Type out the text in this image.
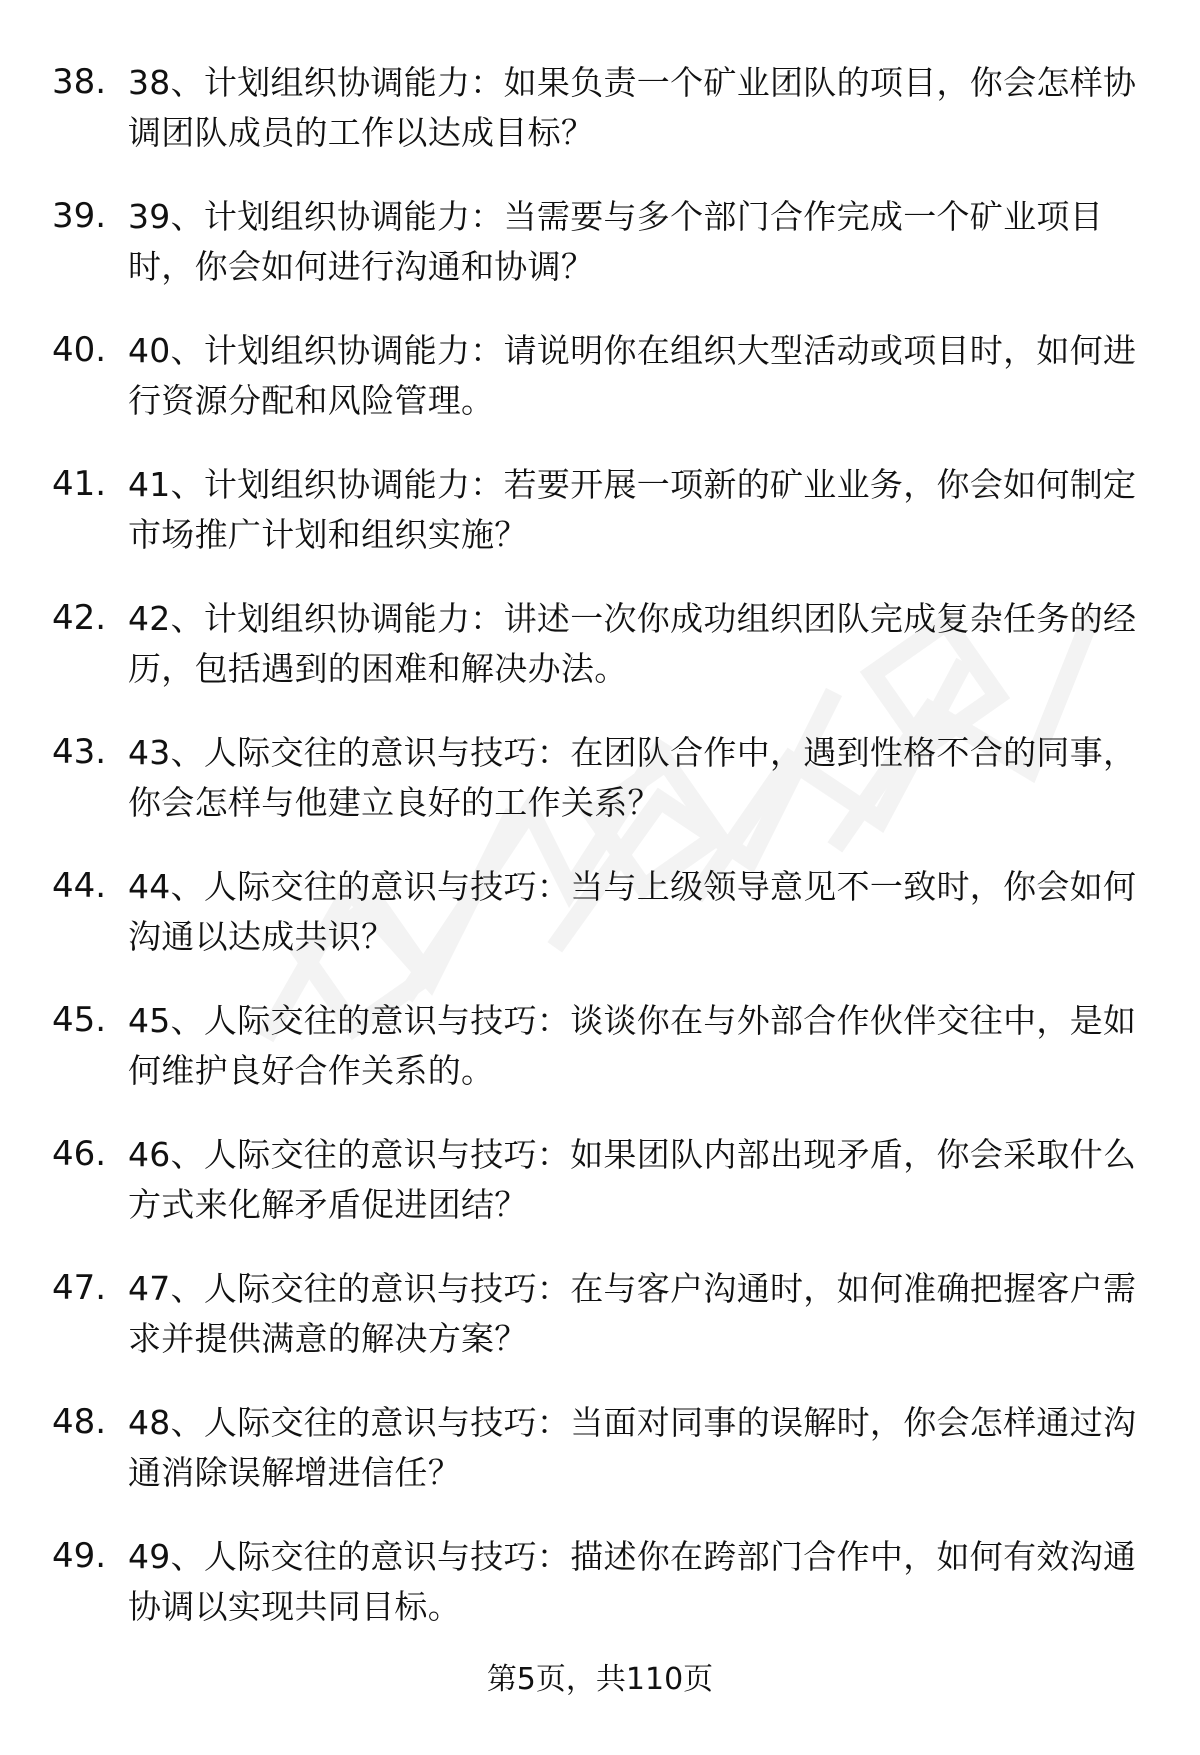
38. 38、计划组织协调能力：如果负责一个矿业团队的项目，你会怎样协调团队成员的工作以达成目标？
39. 39、计划组织协调能力：当需要与多个部门合作完成一个矿业项目时，你会如何进行沟通和协调？
40. 40、计划组织协调能力：请说明你在组织大型活动或项目时，如何进行资源分配和风险管理。
41. 41、计划组织协调能力：若要开展一项新的矿业业务，你会如何制定市场推广计划和组织实施？
42. 42、计划组织协调能力：讲述一次你成功组织团队完成复杂任务的经历，包括遇到的困难和解决办法。
43. 43、人际交往的意识与技巧：在团队合作中，遇到性格不合的同事，你会怎样与他建立良好的工作关系？
44. 44、人际交往的意识与技巧：当与上级领导意见不一致时，你会如何沟通以达成共识？
45. 45、人际交往的意识与技巧：谈谈你在与外部合作伙伴交往中，是如何维护良好合作关系的。
46. 46、人际交往的意识与技巧：如果团队内部出现矛盾，你会采取什么方式来化解矛盾促进团结？
47. 47、人际交往的意识与技巧：在与客户沟通时，如何准确把握客户需求并提供满意的解决方案？
48. 48、人际交往的意识与技巧：当面对同事的误解时，你会怎样通过沟通消除误解增进信任？
49. 49、人际交往的意识与技巧：描述你在跨部门合作中，如何有效沟通协调以实现共同目标。
第5页，共110页
